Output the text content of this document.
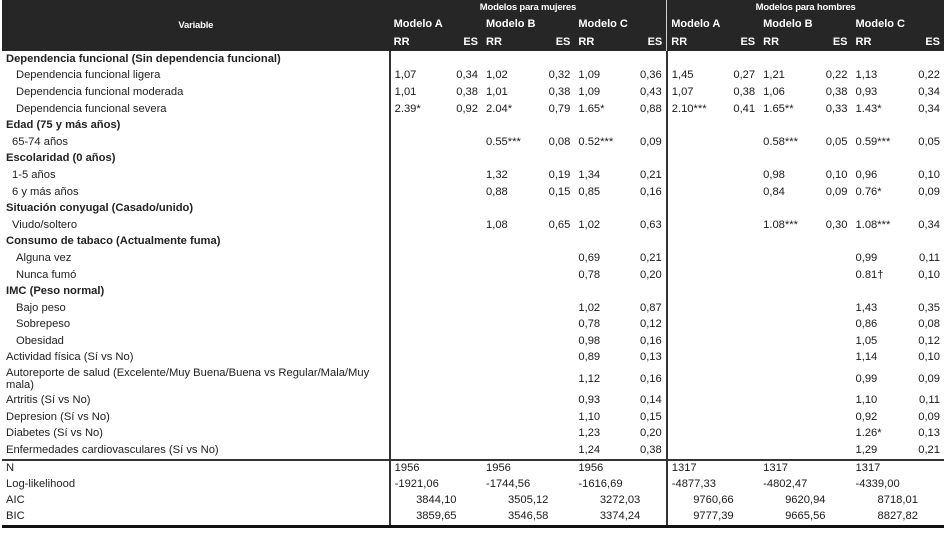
Variable	Modelos para mujeres						Modelos para hombres					
	Modelo A		Modelo B		Modelo C		Modelo A		Modelo B		Modelo C	
	RR	ES	RR	ES	RR	ES	RR	ES	RR	ES	RR	ES
Dependencia funcional (Sin dependencia funcional)												
Dependencia funcional ligera	1,07	0,34	1,02	0,32	1,09	0,36	1,45	0,27	1,21	0,22	1,13	0,22
Dependencia funcional moderada	1,01	0,38	1,01	0,38	1,09	0,43	1,07	0,38	1,06	0,38	0,93	0,34
Dependencia funcional severa	2.39*	0,92	2.04*	0,79	1.65*	0,88	2.10***	0,41	1.65**	0,33	1.43*	0,34
Edad (75 y más años)												
65-74 años			0.55***	0,08	0.52***	0,09			0.58***	0,05	0.59***	0,05
Escolaridad (0 años)												
1-5 años			1,32	0,19	1,34	0,21			0,98	0,10	0,96	0,10
6 y más años			0,88	0,15	0,85	0,16			0,84	0,09	0.76*	0,09
Situación conyugal (Casado/unido)												
Viudo/soltero			1,08	0,65	1,02	0,63			1.08***	0,30	1.08***	0,34
Consumo de tabaco (Actualmente fuma)												
Alguna vez					0,69	0,21					0,99	0,11
Nunca fumó					0,78	0,20					0.81†	0,10
IMC (Peso normal)												
Bajo peso					1,02	0,87					1,43	0,35
Sobrepeso					0,78	0,12					0,86	0,08
Obesidad					0,98	0,16					1,05	0,12
Actividad física (Sí vs No)					0,89	0,13					1,14	0,10
Autoreporte de salud (Excelente/Muy Buena/Buena vs Regular/Mala/Muy mala)					1,12	0,16					0,99	0,09
Artritis (Sí vs No)					0,93	0,14					1,10	0,11
Depresion (Sí vs No)					1,10	0,15					0,92	0,09
Diabetes (Sí vs No)					1,23	0,20					1.26*	0,13
Enfermedades cardiovasculares (Sí vs No)					1,24	0,38					1,29	0,21
N	1956		1956		1956		1317		1317		1317	
Log-likelihood	-1921,06		-1744,56		-1616,69		-4877,33		-4802,47		-4339,00	
AIC	3844,10		3505,12		3272,03		9760,66		9620,94		8718,01	
BIC	3859,65		3546,58		3374,24		9777,39		9665,56		8827,82	
